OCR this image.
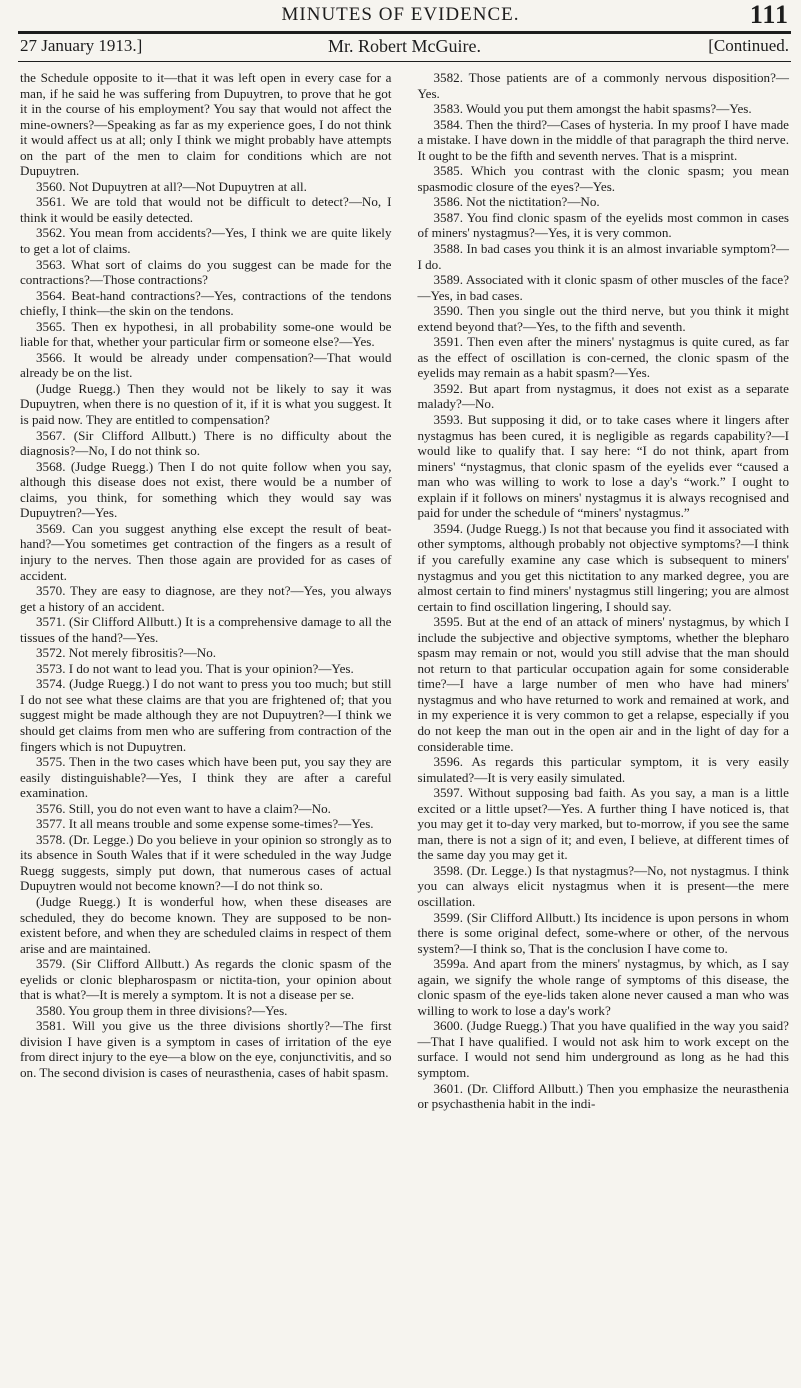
MINUTES OF EVIDENCE.	111
27 January 1913.]	Mr. Robert McGuire.	[Continued.

the Schedule opposite to it—that it was left open in every case for a man, if he said he was suffering from Dupuytren, to prove that he got it in the course of his employment? You say that would not affect the mine-owners?—Speaking as far as my experience goes, I do not think it would affect us at all; only I think we might probably have attempts on the part of the men to claim for conditions which are not Dupuytren.

3560. Not Dupuytren at all?—Not Dupuytren at all.

3561. We are told that would not be difficult to detect?—No, I think it would be easily detected.

3562. You mean from accidents?—Yes, I think we are quite likely to get a lot of claims.

3563. What sort of claims do you suggest can be made for the contractions?—Those contractions?

3564. Beat-hand contractions?—Yes, contractions of the tendons chiefly, I think—the skin on the tendons.

3565. Then ex hypothesi, in all probability some-one would be liable for that, whether your particular firm or someone else?—Yes.

3566. It would be already under compensation?—That would already be on the list.

(Judge Ruegg.) Then they would not be likely to say it was Dupuytren, when there is no question of it, if it is what you suggest. It is paid now. They are entitled to compensation?

3567. (Sir Clifford Allbutt.) There is no difficulty about the diagnosis?—No, I do not think so.

3568. (Judge Ruegg.) Then I do not quite follow when you say, although this disease does not exist, there would be a number of claims, you think, for something which they would say was Dupuytren?—Yes.

3569. Can you suggest anything else except the result of beat-hand?—You sometimes get contraction of the fingers as a result of injury to the nerves. Then those again are provided for as cases of accident.

3570. They are easy to diagnose, are they not?—Yes, you always get a history of an accident.

3571. (Sir Clifford Allbutt.) It is a comprehensive damage to all the tissues of the hand?—Yes.

3572. Not merely fibrositis?—No.

3573. I do not want to lead you. That is your opinion?—Yes.

3574. (Judge Ruegg.) I do not want to press you too much; but still I do not see what these claims are that you are frightened of; that you suggest might be made although they are not Dupuytren?—I think we should get claims from men who are suffering from contraction of the fingers which is not Dupuytren.

3575. Then in the two cases which have been put, you say they are easily distinguishable?—Yes, I think they are after a careful examination.

3576. Still, you do not even want to have a claim?—No.

3577. It all means trouble and some expense some-times?—Yes.

3578. (Dr. Legge.) Do you believe in your opinion so strongly as to its absence in South Wales that if it were scheduled in the way Judge Ruegg suggests, simply put down, that numerous cases of actual Dupuytren would not become known?—I do not think so.

(Judge Ruegg.) It is wonderful how, when these diseases are scheduled, they do become known. They are supposed to be non-existent before, and when they are scheduled claims in respect of them arise and are maintained.

3579. (Sir Clifford Allbutt.) As regards the clonic spasm of the eyelids or clonic blepharospasm or nictita-tion, your opinion about that is what?—It is merely a symptom. It is not a disease per se.

3580. You group them in three divisions?—Yes.

3581. Will you give us the three divisions shortly?—The first division I have given is a symptom in cases of irritation of the eye from direct injury to the eye—a blow on the eye, conjunctivitis, and so on. The second division is cases of neurasthenia, cases of habit spasm.

3582. Those patients are of a commonly nervous disposition?—Yes.

3583. Would you put them amongst the habit spasms?—Yes.

3584. Then the third?—Cases of hysteria. In my proof I have made a mistake. I have down in the middle of that paragraph the third nerve. It ought to be the fifth and seventh nerves. That is a misprint.

3585. Which you contrast with the clonic spasm; you mean spasmodic closure of the eyes?—Yes.

3586. Not the nictitation?—No.

3587. You find clonic spasm of the eyelids most common in cases of miners' nystagmus?—Yes, it is very common.

3588. In bad cases you think it is an almost invariable symptom?—I do.

3589. Associated with it clonic spasm of other muscles of the face?—Yes, in bad cases.

3590. Then you single out the third nerve, but you think it might extend beyond that?—Yes, to the fifth and seventh.

3591. Then even after the miners' nystagmus is quite cured, as far as the effect of oscillation is con-cerned, the clonic spasm of the eyelids may remain as a habit spasm?—Yes.

3592. But apart from nystagmus, it does not exist as a separate malady?—No.

3593. But supposing it did, or to take cases where it lingers after nystagmus has been cured, it is negligible as regards capability?—I would like to qualify that. I say here: “I do not think, apart from miners' “nystagmus, that clonic spasm of the eyelids ever “caused a man who was willing to work to lose a day's “work.” I ought to explain if it follows on miners' nystagmus it is always recognised and paid for under the schedule of “miners' nystagmus.”

3594. (Judge Ruegg.) Is not that because you find it associated with other symptoms, although probably not objective symptoms?—I think if you carefully examine any case which is subsequent to miners' nystagmus and you get this nictitation to any marked degree, you are almost certain to find miners' nystagmus still lingering; you are almost certain to find oscillation lingering, I should say.

3595. But at the end of an attack of miners' nystagmus, by which I include the subjective and objective symptoms, whether the blepharo spasm may remain or not, would you still advise that the man should not return to that particular occupation again for some considerable time?—I have a large number of men who have had miners' nystagmus and who have returned to work and remained at work, and in my experience it is very common to get a relapse, especially if you do not keep the man out in the open air and in the light of day for a considerable time.

3596. As regards this particular symptom, it is very easily simulated?—It is very easily simulated.

3597. Without supposing bad faith. As you say, a man is a little excited or a little upset?—Yes. A further thing I have noticed is, that you may get it to-day very marked, but to-morrow, if you see the same man, there is not a sign of it; and even, I believe, at different times of the same day you may get it.

3598. (Dr. Legge.) Is that nystagmus?—No, not nystagmus. I think you can always elicit nystagmus when it is present—the mere oscillation.

3599. (Sir Clifford Allbutt.) Its incidence is upon persons in whom there is some original defect, some-where or other, of the nervous system?—I think so, That is the conclusion I have come to.

3599a. And apart from the miners' nystagmus, by which, as I say again, we signify the whole range of symptoms of this disease, the clonic spasm of the eye-lids taken alone never caused a man who was willing to work to lose a day's work?

3600. (Judge Ruegg.) That you have qualified in the way you said?—That I have qualified. I would not ask him to work except on the surface. I would not send him underground as long as he had this symptom.

3601. (Dr. Clifford Allbutt.) Then you emphasize the neurasthenia or psychasthenia habit in the indi-
